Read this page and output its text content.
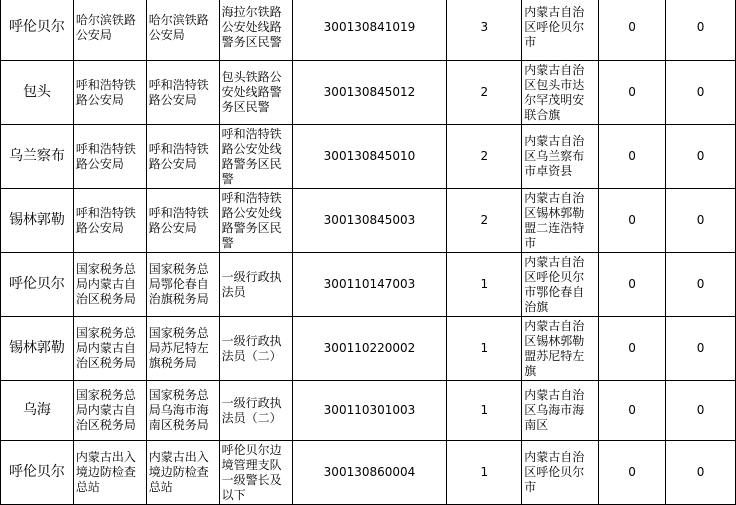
呼伦贝尔	哈尔滨铁路公安局	哈尔滨铁路公安局	海拉尔铁路公安处线路警务区民警	300130841019	3	内蒙古自治区呼伦贝尔市	0	0
包头	呼和浩特铁路公安局	呼和浩特铁路公安局	包头铁路公安处线路警务区民警	300130845012	2	内蒙古自治区包头市达尔罕茂明安联合旗	0	0
乌兰察布	呼和浩特铁路公安局	呼和浩特铁路公安局	呼和浩特铁路公安处线路警务区民警	300130845010	2	内蒙古自治区乌兰察布市卓资县	0	0
锡林郭勒	呼和浩特铁路公安局	呼和浩特铁路公安局	呼和浩特铁路公安处线路警务区民警	300130845003	2	内蒙古自治区锡林郭勒盟二连浩特市	0	0
呼伦贝尔	国家税务总局内蒙古自治区税务局	国家税务总局鄂伦春自治旗税务局	一级行政执法员	300110147003	1	内蒙古自治区呼伦贝尔市鄂伦春自治旗	0	0
锡林郭勒	国家税务总局内蒙古自治区税务局	国家税务总局苏尼特左旗税务局	一级行政执法员（二）	300110220002	1	内蒙古自治区锡林郭勒盟苏尼特左旗	0	0
乌海	国家税务总局内蒙古自治区税务局	国家税务总局乌海市海南区税务局	一级行政执法员（二）	300110301003	1	内蒙古自治区乌海市海南区	0	0
呼伦贝尔	内蒙古出入境边防检查总站	内蒙古出入境边防检查总站	呼伦贝尔边境管理支队一级警长及以下	300130860004	1	内蒙古自治区呼伦贝尔市	0	0
